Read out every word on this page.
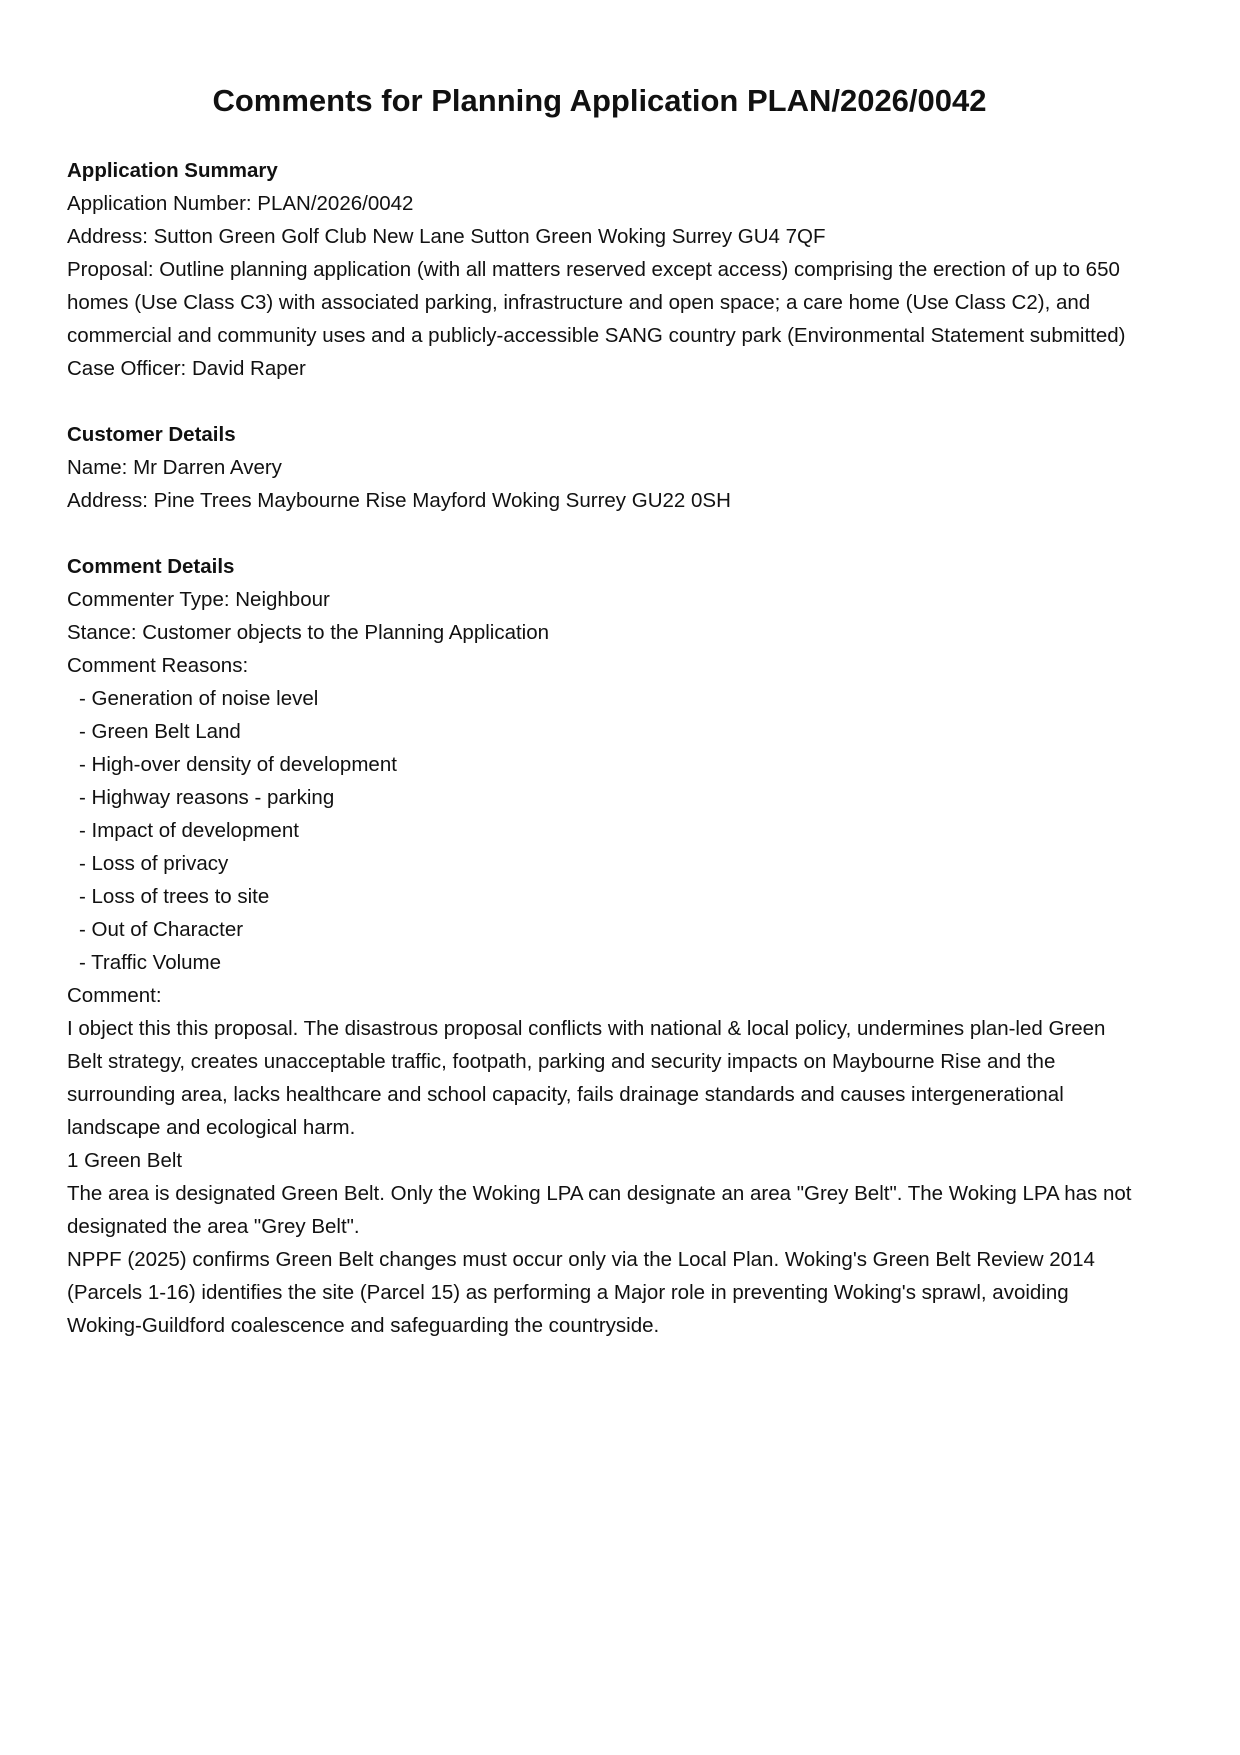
Comments for Planning Application PLAN/2026/0042
Application Summary

Application Number: PLAN/2026/0042

Address: Sutton Green Golf Club New Lane Sutton Green Woking Surrey GU4 7QF

Proposal: Outline planning application (with all matters reserved except access) comprising the erection of up to 650 homes (Use Class C3) with associated parking, infrastructure and open space; a care home (Use Class C2), and commercial and community uses and a publicly-accessible SANG country park (Environmental Statement submitted)

Case Officer: David Raper

Customer Details

Name: Mr Darren Avery

Address: Pine Trees Maybourne Rise Mayford Woking Surrey GU22 0SH

Comment Details

Commenter Type: Neighbour

Stance: Customer objects to the Planning Application

Comment Reasons:

- Generation of noise level

- Green Belt Land

- High-over density of development

- Highway reasons - parking

- Impact of development

- Loss of privacy

- Loss of trees to site

- Out of Character

- Traffic Volume

Comment:

I object this this proposal. The disastrous proposal conflicts with national & local policy, undermines plan-led Green Belt strategy, creates unacceptable traffic, footpath, parking and security impacts on Maybourne Rise and the surrounding area, lacks healthcare and school capacity, fails drainage standards and causes intergenerational landscape and ecological harm.

1 Green Belt

The area is designated Green Belt. Only the Woking LPA can designate an area "Grey Belt". The Woking LPA has not designated the area "Grey Belt".

NPPF (2025) confirms Green Belt changes must occur only via the Local Plan. Woking's Green Belt Review 2014 (Parcels 1-16) identifies the site (Parcel 15) as performing a Major role in preventing Woking's sprawl, avoiding Woking-Guildford coalescence and safeguarding the countryside.
